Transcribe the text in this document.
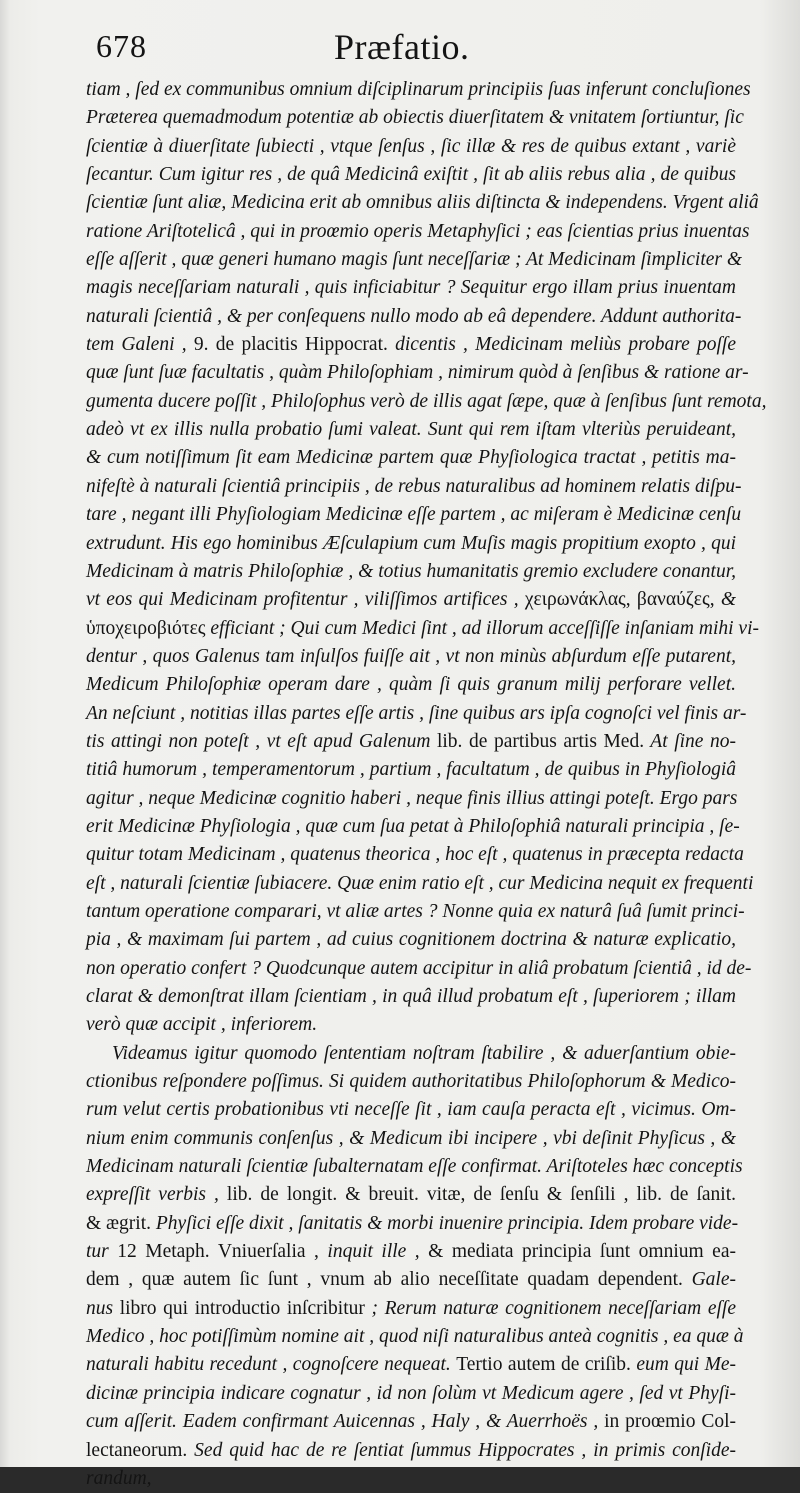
678	Præfatio.
tiam , ſed ex communibus omnium diſciplinarum principiis ſuas inferunt concluſiones
Præterea quemadmodum potentiæ ab obiectis diuerſitatem & vnitatem ſortiuntur, ſic
ſcientiæ à diuerſitate ſubiecti , vtque ſenſus , ſic illæ & res de quibus extant , variè
ſecantur. Cum igitur res , de quâ Medicinâ exiſtit , ſit ab aliis rebus alia , de quibus
ſcientiæ ſunt aliæ, Medicina erit ab omnibus aliis diſtincta & independens. Vrgent aliâ
ratione Ariſtotelicâ , qui in proœmio operis Metaphyſici ; eas ſcientias prius inuentas
eſſe aſſerit , quæ generi humano magis ſunt neceſſariæ ; At Medicinam ſimpliciter &
magis neceſſariam naturali , quis inficiabitur ? Sequitur ergo illam prius inuentam
naturali ſcientiâ , & per conſequens nullo modo ab eâ dependere. Addunt authorita-
tem Galeni , 9. de placitis Hippocrat. dicentis , Medicinam meliùs probare poſſe
quæ ſunt ſuæ facultatis , quàm Philoſophiam , nimirum quòd à ſenſibus & ratione ar-
gumenta ducere poſſit , Philoſophus verò de illis agat ſæpe, quæ à ſenſibus ſunt remota,
adeò vt ex illis nulla probatio ſumi valeat. Sunt qui rem iſtam vlteriùs peruideant,
& cum notiſſimum ſit eam Medicinæ partem quæ Phyſiologica tractat , petitis ma-
nifeſtè à naturali ſcientiâ principiis , de rebus naturalibus ad hominem relatis diſpu-
tare , negant illi Phyſiologiam Medicinæ eſſe partem , ac miſeram è Medicinæ cenſu
extrudunt. His ego hominibus Æſculapium cum Muſis magis propitium exopto , qui
Medicinam à matris Philoſophiæ , & totius humanitatis gremio excludere conantur,
vt eos qui Medicinam profitentur , viliſſimos artifices , χειρωνάκλας, βαναύζες, &
ὑποχειροβιότες efficiant ; Qui cum Medici ſint , ad illorum acceſſiſſe inſaniam mihi vi-
dentur , quos Galenus tam inſulſos fuiſſe ait , vt non minùs abſurdum eſſe putarent,
Medicum Philoſophiæ operam dare , quàm ſi quis granum milij perforare vellet.
An neſciunt , notitias illas partes eſſe artis , ſine quibus ars ipſa cognoſci vel finis ar-
tis attingi non poteſt , vt eſt apud Galenum lib. de partibus artis Med. At ſine no-
titiâ humorum , temperamentorum , partium , facultatum , de quibus in Phyſiologiâ
agitur , neque Medicinæ cognitio haberi , neque finis illius attingi poteſt. Ergo pars
erit Medicinæ Phyſiologia , quæ cum ſua petat à Philoſophiâ naturali principia , ſe-
quitur totam Medicinam , quatenus theorica , hoc eſt , quatenus in præcepta redacta
eſt , naturali ſcientiæ ſubiacere. Quæ enim ratio eſt , cur Medicina nequit ex frequenti
tantum operatione comparari, vt aliæ artes ? Nonne quia ex naturâ ſuâ ſumit princi-
pia , & maximam ſui partem , ad cuius cognitionem doctrina & naturæ explicatio,
non operatio confert ? Quodcunque autem accipitur in aliâ probatum ſcientiâ , id de-
clarat & demonſtrat illam ſcientiam , in quâ illud probatum eſt , ſuperiorem ; illam
verò quæ accipit , inferiorem.
Videamus igitur quomodo ſententiam noſtram ſtabilire , & aduerſantium obie-
ctionibus reſpondere poſſimus. Si quidem authoritatibus Philoſophorum & Medico-
rum velut certis probationibus vti neceſſe ſit , iam cauſa peracta eſt , vicimus. Om-
nium enim communis conſenſus , & Medicum ibi incipere , vbi deſinit Phyſicus , &
Medicinam naturali ſcientiæ ſubalternatam eſſe confirmat. Ariſtoteles hæc conceptis
expreſſit verbis , lib. de longit. & breuit. vitæ, de ſenſu & ſenſili , lib. de ſanit.
& ægrit. Phyſici eſſe dixit , ſanitatis & morbi inuenire principia. Idem probare vide-
tur 12 Metaph. Vniuerſalia , inquit ille , & mediata principia ſunt omnium ea-
dem , quæ autem ſic ſunt , vnum ab alio neceſſitate quadam dependent. Gale-
nus libro qui introductio inſcribitur ; Rerum naturæ cognitionem neceſſariam eſſe
Medico , hoc potiſſimùm nomine ait , quod niſi naturalibus anteà cognitis , ea quæ à
naturali habitu recedunt , cognoſcere nequeat. Tertio autem de criſib. eum qui Me-
dicinæ principia indicare cognatur , id non ſolùm vt Medicum agere , ſed vt Phyſi-
cum aſſerit. Eadem confirmant Auicennas , Haly , & Auerrhoës , in proœmio Col-
lectaneorum. Sed quid hac de re ſentiat ſummus Hippocrates , in primis conſide-
randum,
